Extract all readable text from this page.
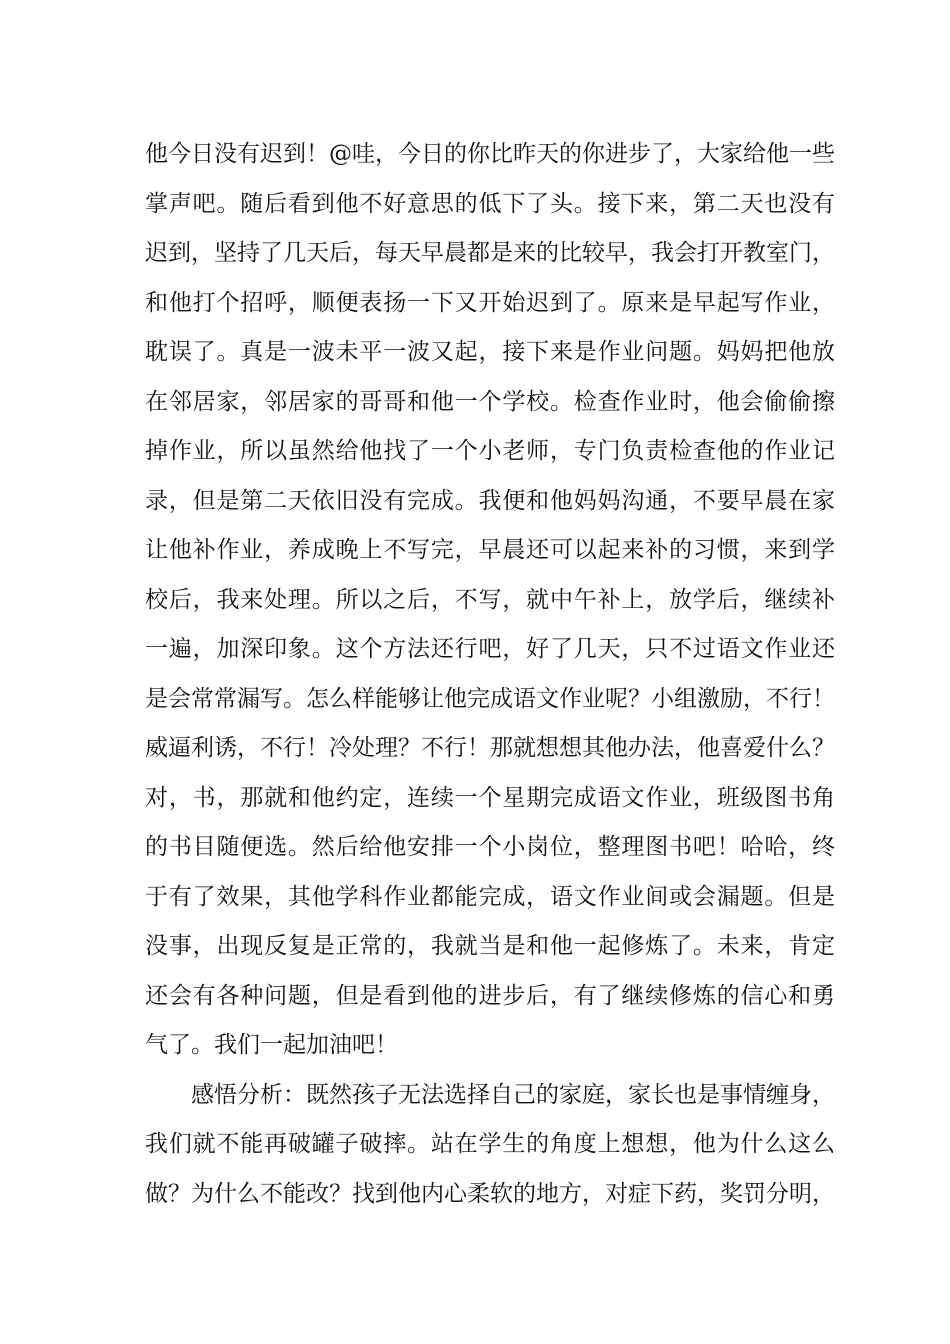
他今日没有迟到！@哇，今日的你比昨天的你进步了，大家给他一些
掌声吧。随后看到他不好意思的低下了头。接下来，第二天也没有
迟到，坚持了几天后，每天早晨都是来的比较早，我会打开教室门，
和他打个招呼，顺便表扬一下又开始迟到了。原来是早起写作业，
耽误了。真是一波未平一波又起，接下来是作业问题。妈妈把他放
在邻居家，邻居家的哥哥和他一个学校。检查作业时，他会偷偷擦
掉作业，所以虽然给他找了一个小老师，专门负责检查他的作业记
录，但是第二天依旧没有完成。我便和他妈妈沟通，不要早晨在家
让他补作业，养成晚上不写完，早晨还可以起来补的习惯，来到学
校后，我来处理。所以之后，不写，就中午补上，放学后，继续补
一遍，加深印象。这个方法还行吧，好了几天，只不过语文作业还
是会常常漏写。怎么样能够让他完成语文作业呢？小组激励，不行！
威逼利诱，不行！冷处理？不行！那就想想其他办法，他喜爱什么？
对，书，那就和他约定，连续一个星期完成语文作业，班级图书角
的书目随便选。然后给他安排一个小岗位，整理图书吧！哈哈，终
于有了效果，其他学科作业都能完成，语文作业间或会漏题。但是
没事，出现反复是正常的，我就当是和他一起修炼了。未来，肯定
还会有各种问题，但是看到他的进步后，有了继续修炼的信心和勇
气了。我们一起加油吧！
感悟分析：既然孩子无法选择自己的家庭，家长也是事情缠身，
我们就不能再破罐子破摔。站在学生的角度上想想，他为什么这么
做？为什么不能改？找到他内心柔软的地方，对症下药，奖罚分明，
